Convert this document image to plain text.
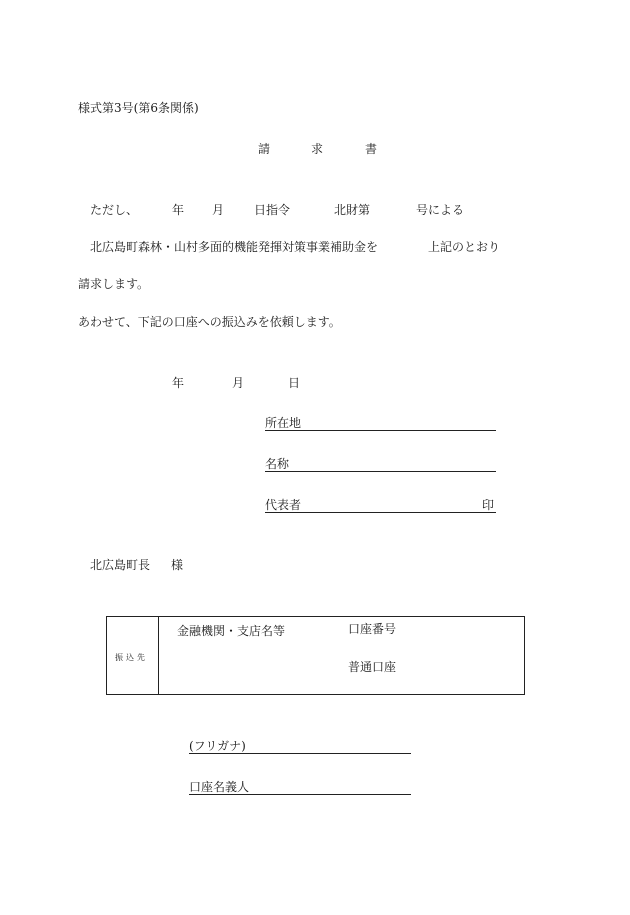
様式第3号(第6条関係)
請	求	書
ただし、	年 月 日指令	北財第	号による
北広島町森林・山村多面的機能発揮対策事業補助金を	上記のとおり
請求します。
あわせて、下記の口座への振込みを依頼します。
年	月	日
所在地
名称
代表者	印
北広島町長 様
振込先
金融機関・支店名等	口座番号
普通口座
(フリガナ)
口座名義人
